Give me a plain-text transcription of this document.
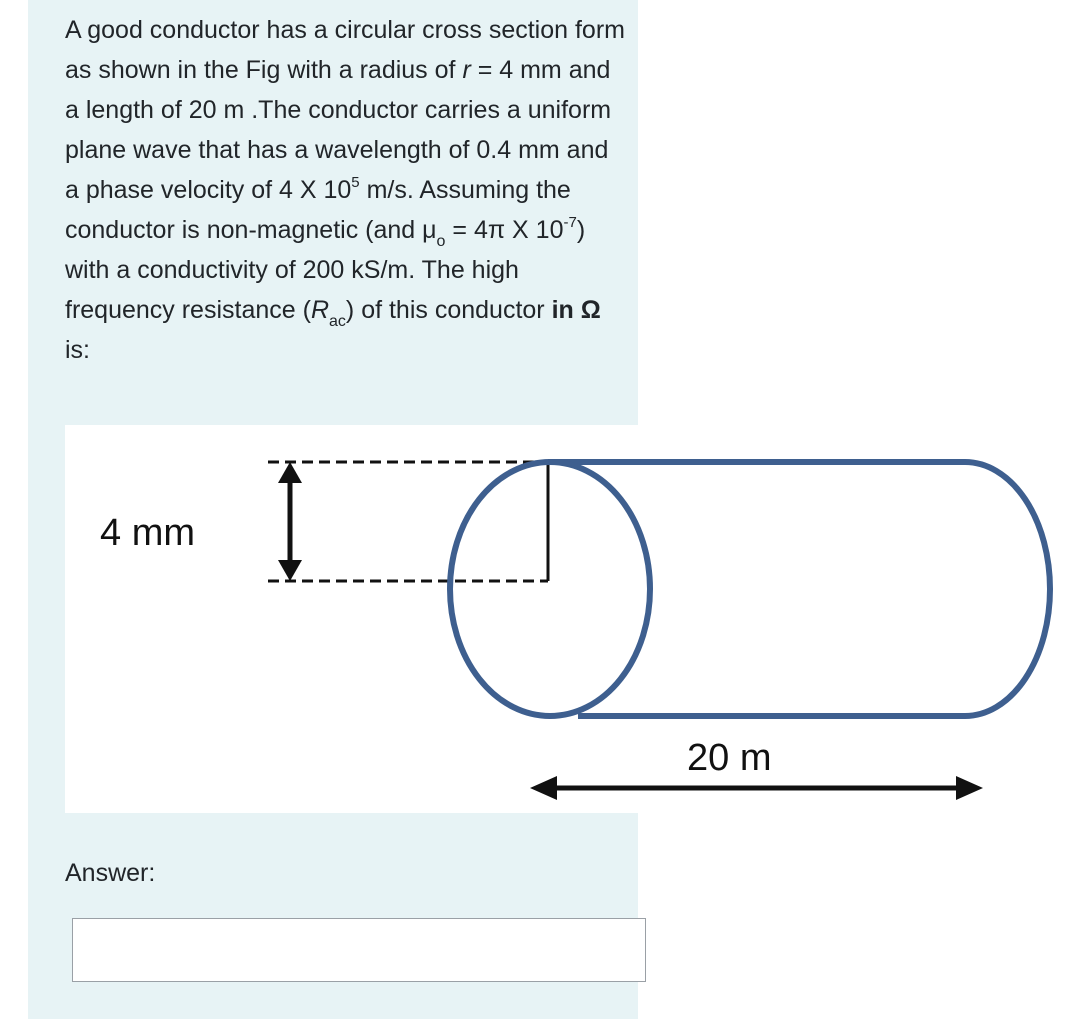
A good conductor has a circular cross section form as shown in the Fig with a radius of r = 4 mm and a length of 20 m .The conductor carries a uniform plane wave that has a wavelength of 0.4 mm and a phase velocity of 4 X $10^5$ m/s. Assuming the conductor is non-magnetic (and $\mu_o = 4\pi$ X $10^{-7}$) with a conductivity of 200 kS/m. The high frequency resistance $(R_{ac})$ of this conductor in Ω is:

4 mm
20 m
Answer:
